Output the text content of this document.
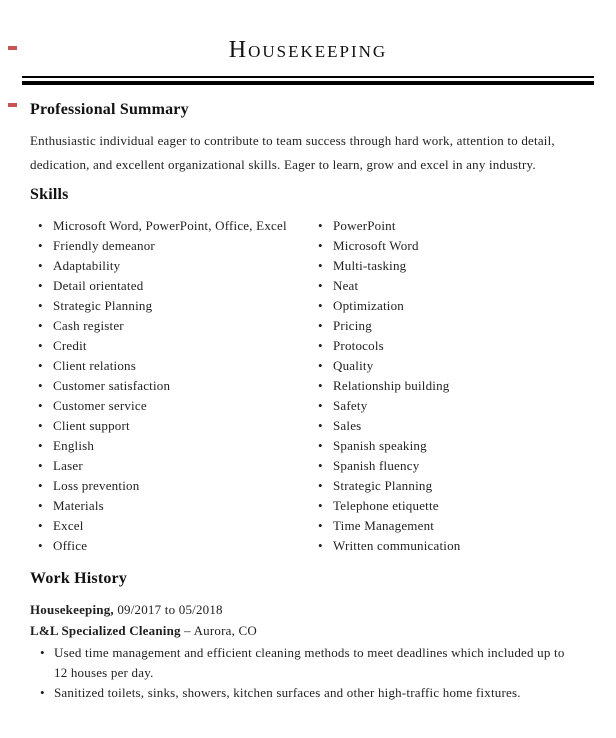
Housekeeping
Professional Summary

Enthusiastic individual eager to contribute to team success through hard work, attention to detail, dedication, and excellent organizational skills. Eager to learn, grow and excel in any industry.

Skills
• Microsoft Word, PowerPoint, Office, Excel
• Friendly demeanor
• Adaptability
• Detail orientated
• Strategic Planning
• Cash register
• Credit
• Client relations
• Customer satisfaction
• Customer service
• Client support
• English
• Laser
• Loss prevention
• Materials
• Excel
• Office
• PowerPoint
• Microsoft Word
• Multi-tasking
• Neat
• Optimization
• Pricing
• Protocols
• Quality
• Relationship building
• Safety
• Sales
• Spanish speaking
• Spanish fluency
• Strategic Planning
• Telephone etiquette
• Time Management
• Written communication
Work History
Housekeeping, 09/2017 to 05/2018
L&L Specialized Cleaning – Aurora, CO
• Used time management and efficient cleaning methods to meet deadlines which included up to 12 houses per day.
• Sanitized toilets, sinks, showers, kitchen surfaces and other high-traffic home fixtures.
